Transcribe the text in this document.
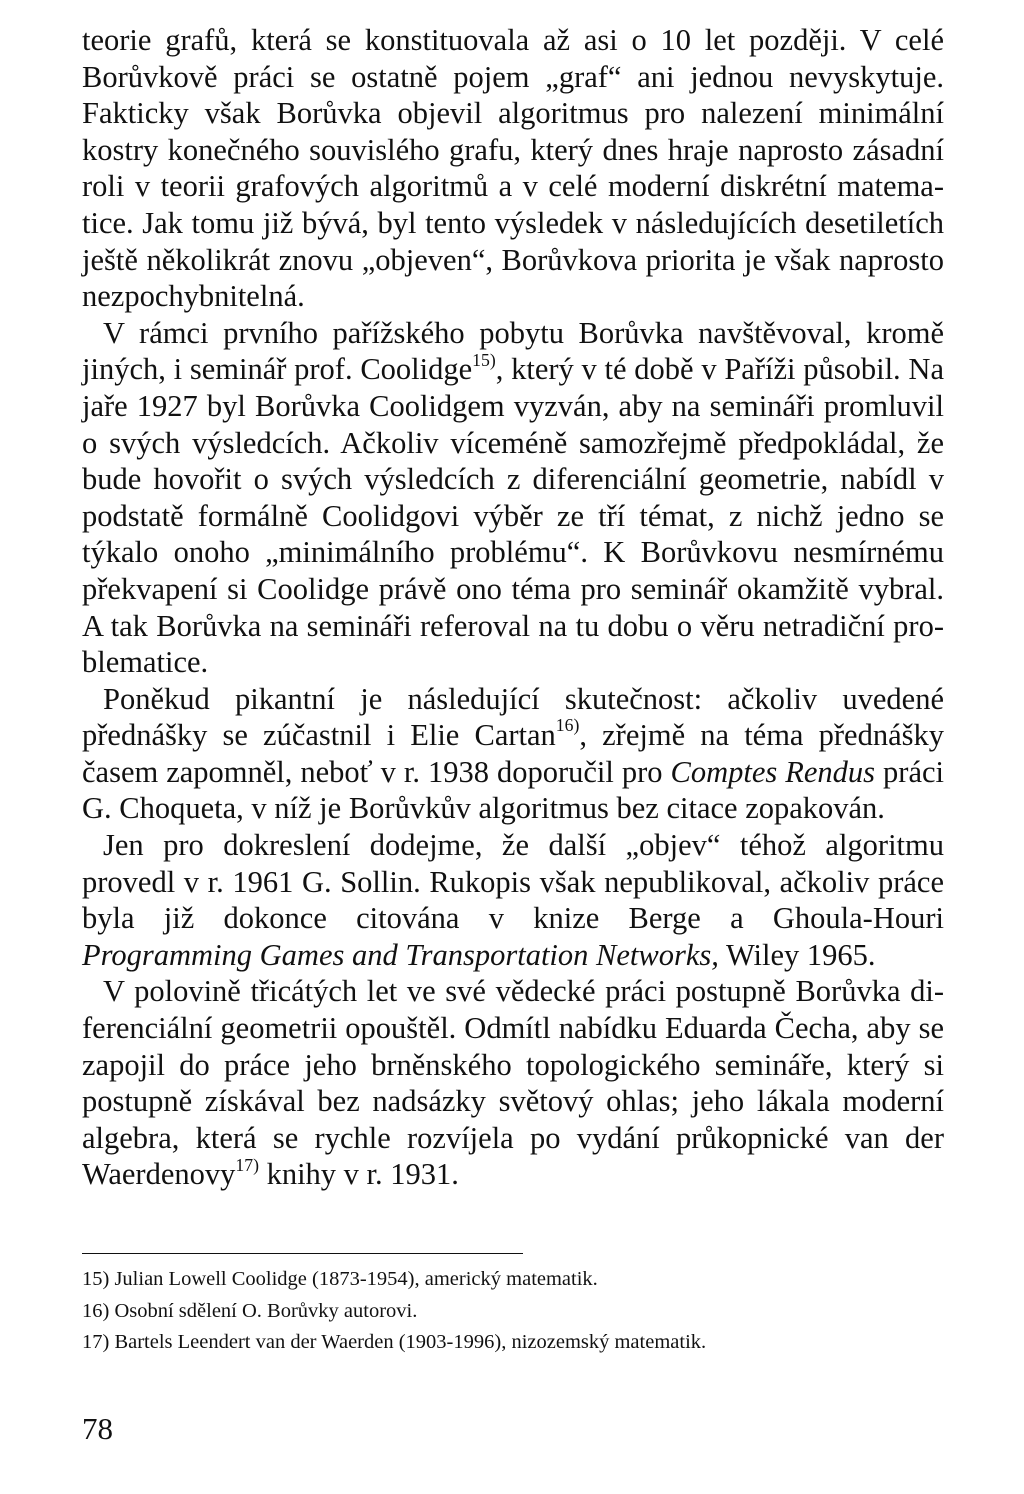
teorie grafů, která se konstituovala až asi o 10 let později. V celé Borůvkově práci se ostatně pojem „graf“ ani jednou nevyskytuje. Fakticky však Borůvka objevil algoritmus pro nalezení minimální kostry konečného souvislého grafu, který dnes hraje naprosto zásadní roli v teorii grafových algoritmů a v celé moderní diskrétní matematice. Jak tomu již bývá, byl tento výsledek v následujících desetiletích ještě několikrát znovu „objeven“, Borůvkova priorita je však naprosto nezpochybnitelná.

V rámci prvního pařížského pobytu Borůvka navštěvoval, kromě jiných, i seminář prof. Coolidge$^{15)}$, který v té době v Paříži působil. Na jaře 1927 byl Borůvka Coolidgem vyzván, aby na semináři promluvil o svých výsledcích. Ačkoliv víceméně samozřejmě předpokládal, že bude hovořit o svých výsledcích z diferenciální geometrie, nabídl v podstatě formálně Coolidgovi výběr ze tří témat, z nichž jedno se týkalo onoho „minimálního problému“. K Borůvkovu nesmírnému překvapení si Coolidge právě ono téma pro seminář okamžitě vybral. A tak Borůvka na semináři referoval na tu dobu o věru netradiční problematice.

Poněkud pikantní je následující skutečnost: ačkoliv uvedené přednášky se zúčastnil i Elie Cartan$^{16)}$, zřejmě na téma přednášky časem zapomněl, neboť v r. 1938 doporučil pro Comptes Rendus práci G. Choqueta, v níž je Borůvkův algoritmus bez citace zopakován.

Jen pro dokreslení dodejme, že další „objev“ téhož algoritmu provedl v r. 1961 G. Sollin. Rukopis však nepublikoval, ačkoliv práce byla již dokonce citována v knize Berge a Ghoula-Houri Programming Games and Transportation Networks, Wiley 1965.

V polovině třicátých let ve své vědecké práci postupně Borůvka diferenciální geometrii opouštěl. Odmítl nabídku Eduarda Čecha, aby se zapojil do práce jeho brněnského topologického semináře, který si postupně získával bez nadsázky světový ohlas; jeho lákala moderní algebra, která se rychle rozvíjela po vydání průkopnické van der Waerdenovy$^{17)}$ knihy v r. 1931.

15) Julian Lowell Coolidge (1873-1954), americký matematik.

16) Osobní sdělení O. Borůvky autorovi.

17) Bartels Leendert van der Waerden (1903-1996), nizozemský matematik.

78
